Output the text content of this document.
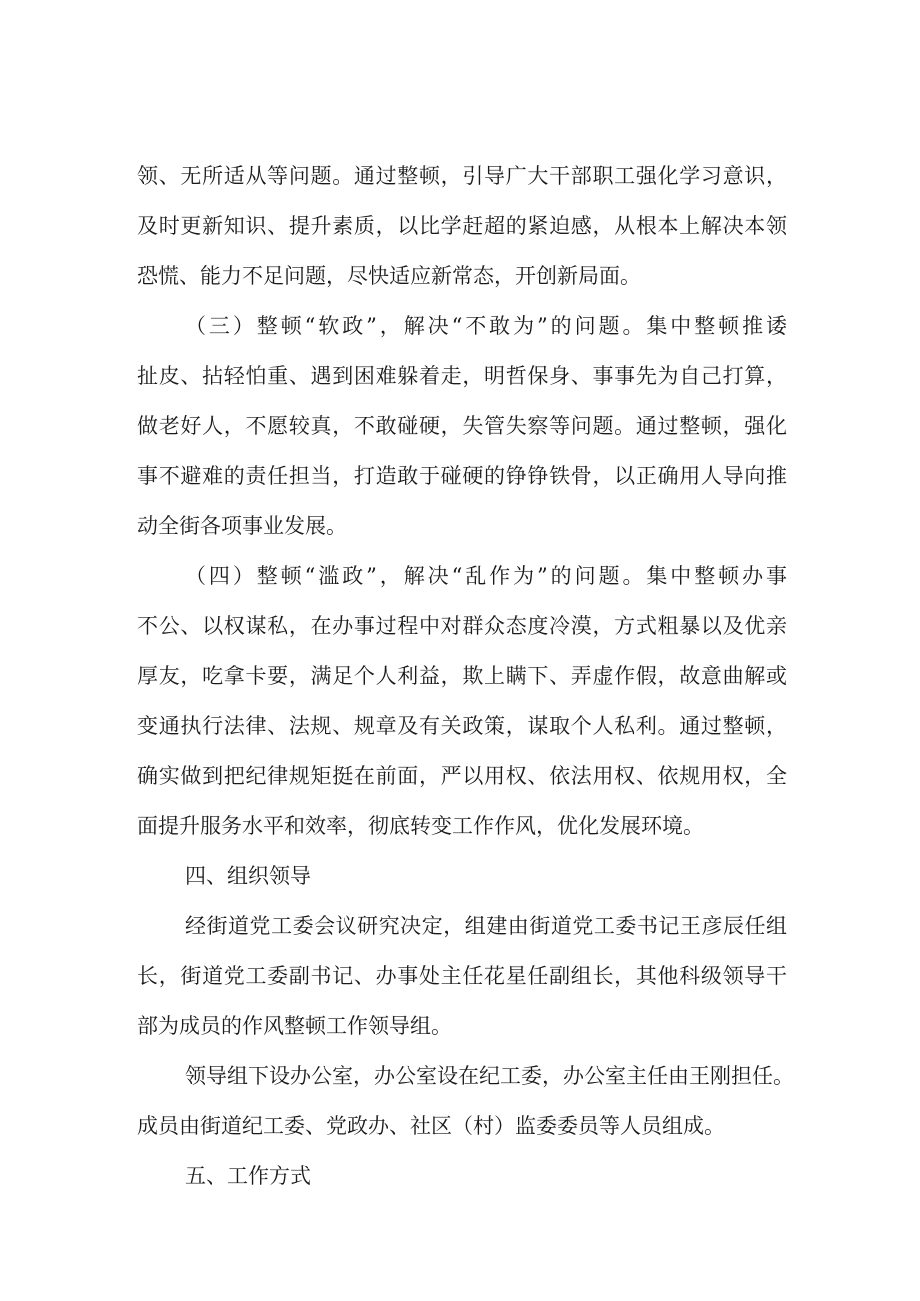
领、无所适从等问题。通过整顿，引导广大干部职工强化学习意识，
及时更新知识、提升素质，以比学赶超的紧迫感，从根本上解决本领
恐慌、能力不足问题，尽快适应新常态，开创新局面。
（三）整顿“软政”，解决“不敢为”的问题。集中整顿推诿
扯皮、拈轻怕重、遇到困难躲着走，明哲保身、事事先为自己打算，
做老好人，不愿较真，不敢碰硬，失管失察等问题。通过整顿，强化
事不避难的责任担当，打造敢于碰硬的铮铮铁骨，以正确用人导向推
动全街各项事业发展。
（四）整顿“滥政”，解决“乱作为”的问题。集中整顿办事
不公、以权谋私，在办事过程中对群众态度冷漠，方式粗暴以及优亲
厚友，吃拿卡要，满足个人利益，欺上瞒下、弄虚作假，故意曲解或
变通执行法律、法规、规章及有关政策，谋取个人私利。通过整顿，
确实做到把纪律规矩挺在前面，严以用权、依法用权、依规用权，全
面提升服务水平和效率，彻底转变工作作风，优化发展环境。
四、组织领导
经街道党工委会议研究决定，组建由街道党工委书记王彦辰任组
长，街道党工委副书记、办事处主任花星任副组长，其他科级领导干
部为成员的作风整顿工作领导组。
领导组下设办公室，办公室设在纪工委，办公室主任由王刚担任。
成员由街道纪工委、党政办、社区（村）监委委员等人员组成。
五、工作方式
